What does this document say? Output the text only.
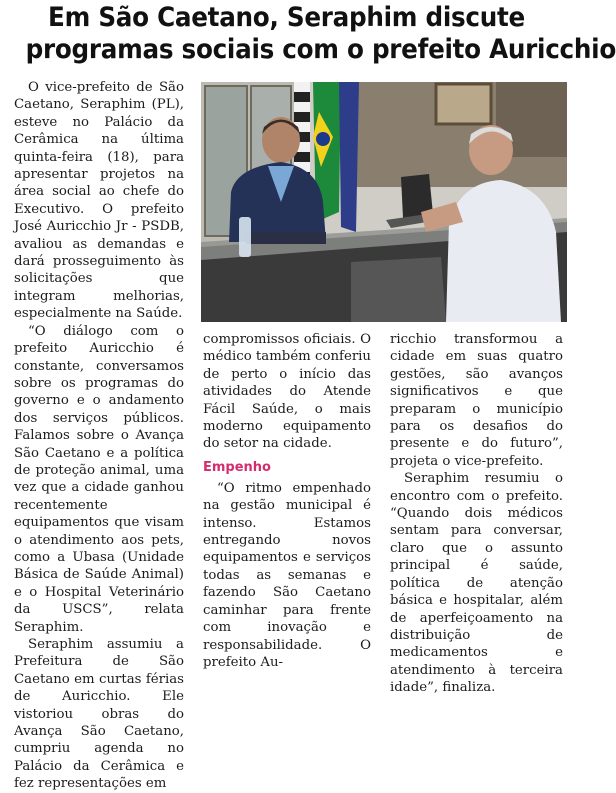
Em São Caetano, Seraphim discute
programas sociais com o prefeito Auricchio

O vice-prefeito de São Caetano, Seraphim (PL), esteve no Palácio da Cerâmica na última quinta-feira (18), para apresentar projetos na área social ao chefe do Executivo. O prefeito José Auricchio Jr - PSDB, avaliou as demandas e dará prosseguimento às solicitações que integram melhorias, especialmente na Saúde.

“O diálogo com o prefeito Auricchio é constante, conversamos sobre os programas do governo e o andamento dos serviços públicos. Falamos sobre o Avança São Caetano e a política de proteção animal, uma vez que a cidade ganhou recentemente equipamentos que visam o atendimento aos pets, como a Ubasa (Unidade Básica de Saúde Animal) e o Hospital Veterinário da USCS”, relata Seraphim.

Seraphim assumiu a Prefeitura de São Caetano em curtas férias de Auricchio. Ele vistoriou obras do Avança São Caetano, cumpriu agenda no Palácio da Cerâmica e fez representações em

compromissos oficiais. O médico também conferiu de perto o início das atividades do Atende Fácil Saúde, o mais moderno equipamento do setor na cidade.

Empenho

“O ritmo empenhado na gestão municipal é intenso. Estamos entregando novos equipamentos e serviços todas as semanas e fazendo São Caetano caminhar para frente com inovação e responsabilidade. O prefeito Au-

ricchio transformou a cidade em suas quatro gestões, são avanços significativos e que preparam o município para os desafios do presente e do futuro”, projeta o vice-prefeito.

Seraphim resumiu o encontro com o prefeito. “Quando dois médicos sentam para conversar, claro que o assunto principal é saúde, política de atenção básica e hospitalar, além de aperfeiçoamento na distribuição de medicamentos e atendimento à terceira idade”, finaliza.
